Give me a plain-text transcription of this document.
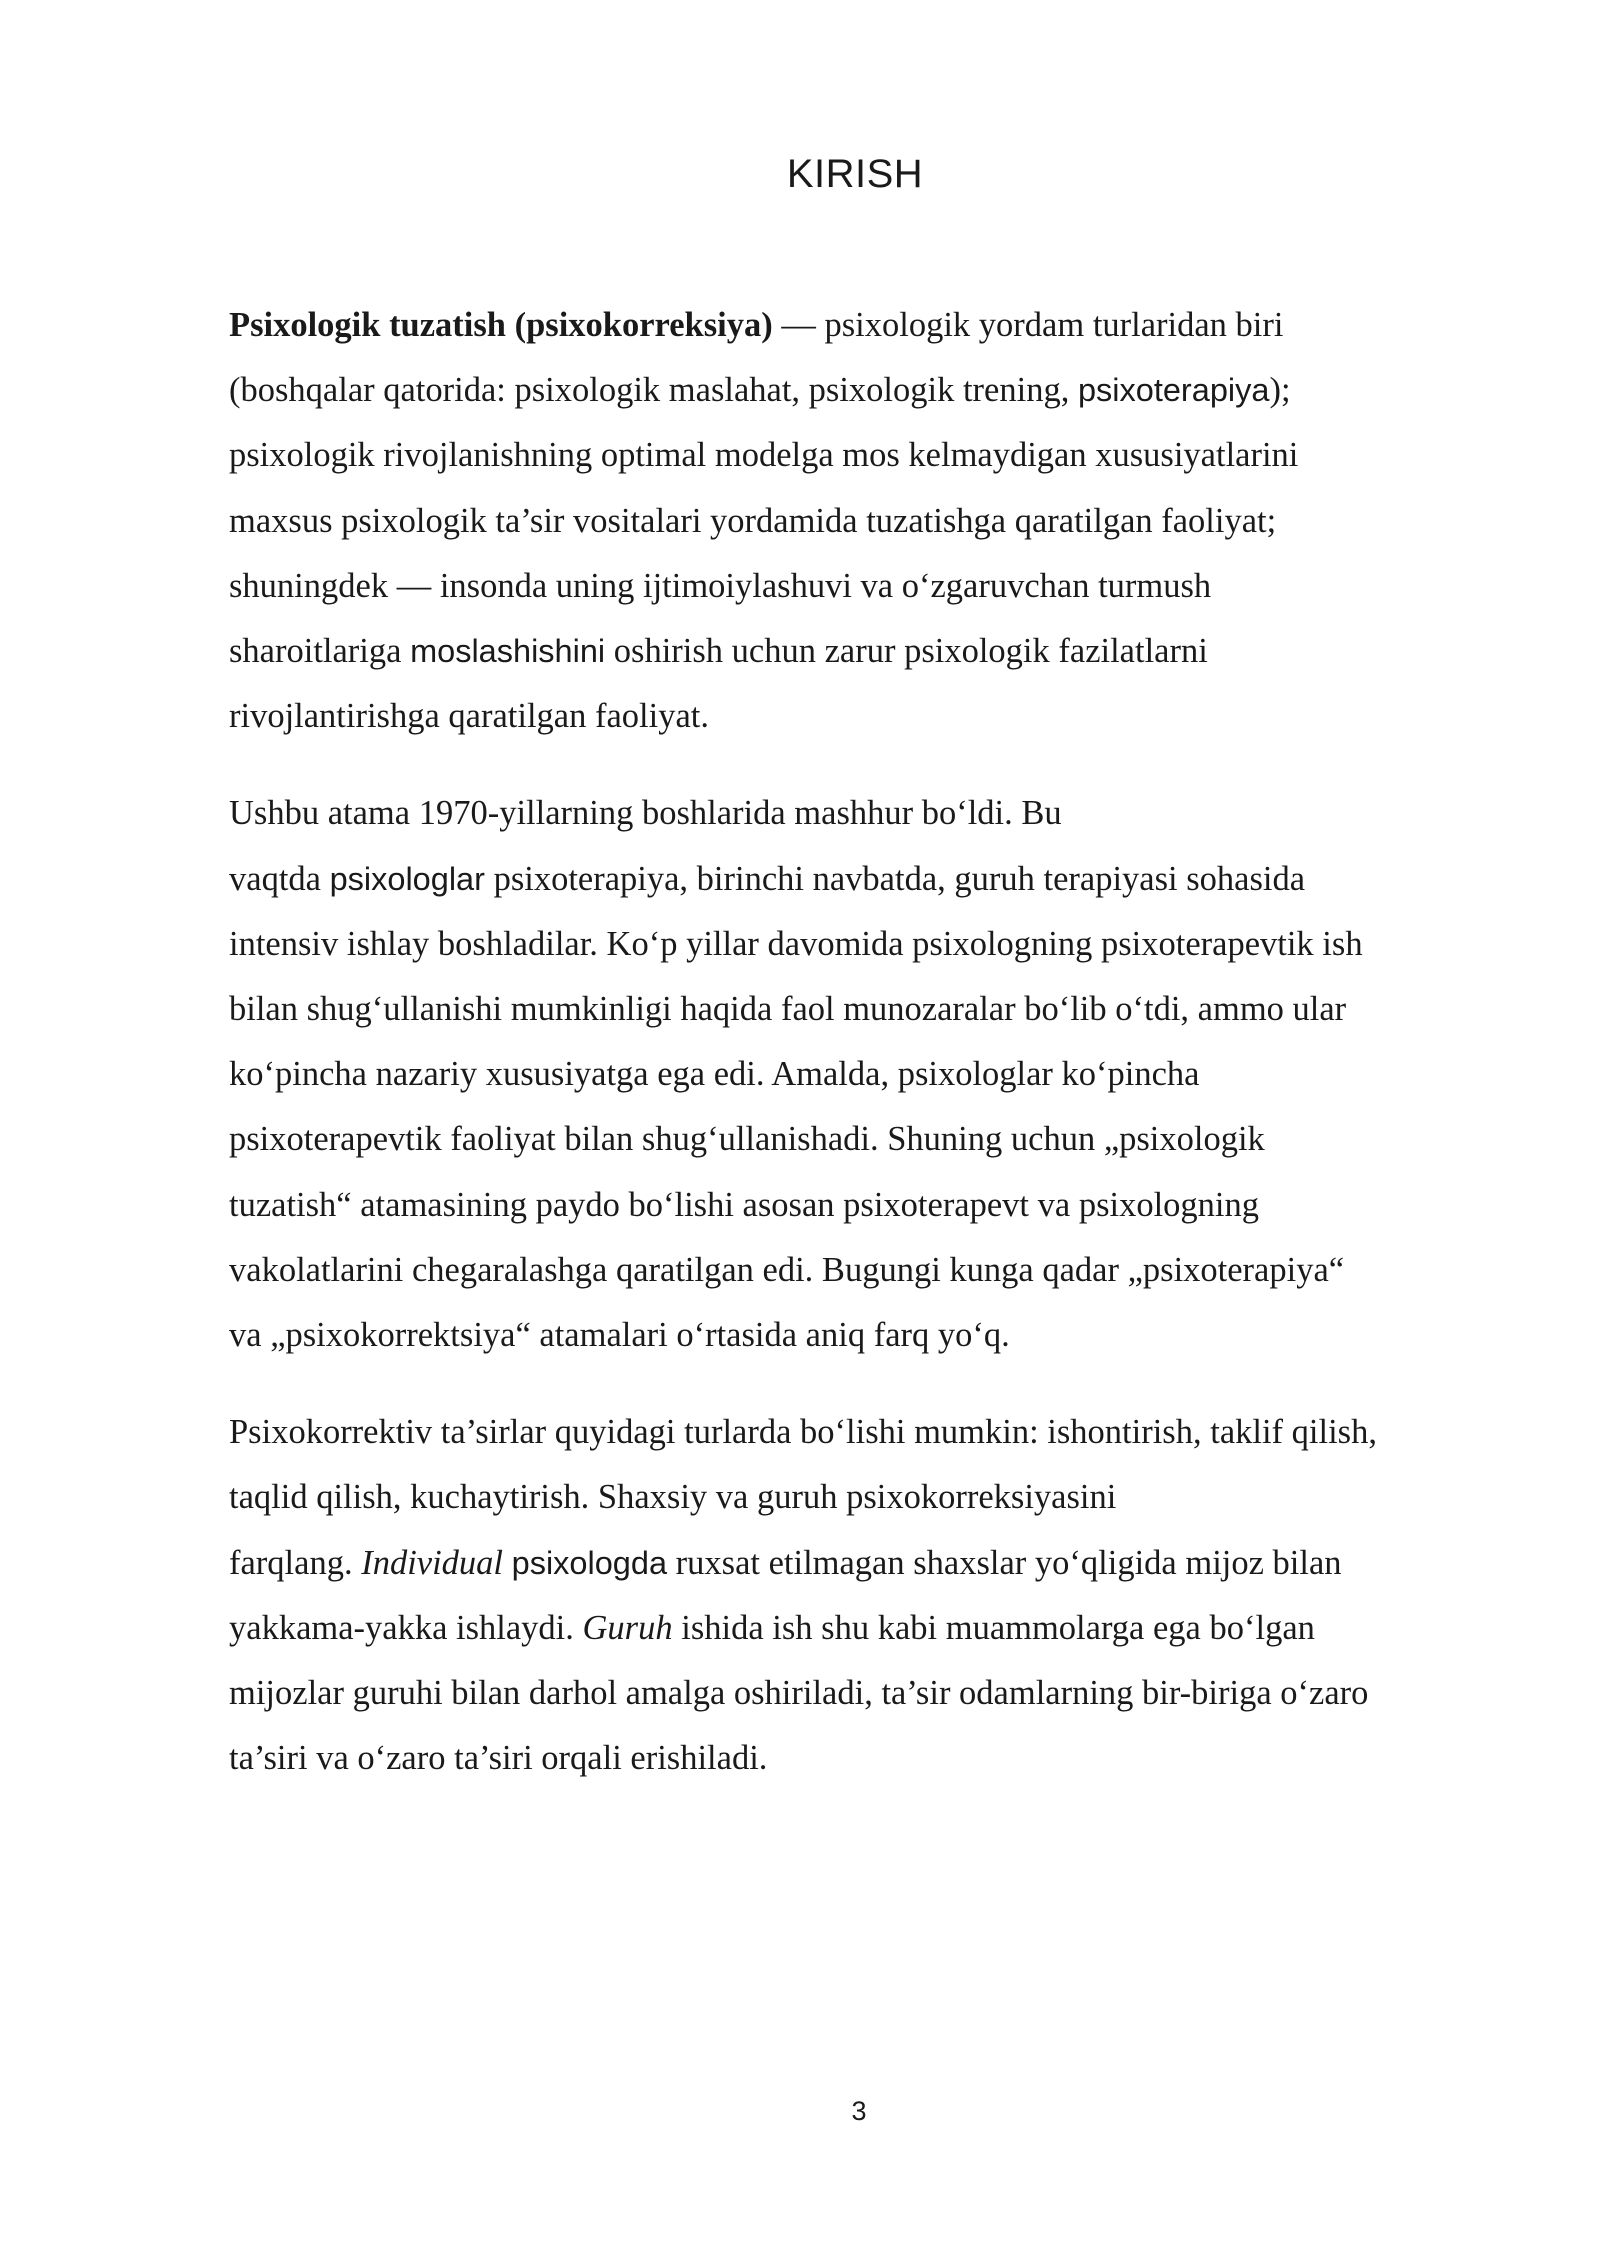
KIRISH

Psixologik tuzatish (psixokorreksiya) — psixologik yordam turlaridan biri
(boshqalar qatorida: psixologik maslahat, psixologik trening, psixoterapiya);
psixologik rivojlanishning optimal modelga mos kelmaydigan xususiyatlarini
maxsus psixologik ta’sir vositalari yordamida tuzatishga qaratilgan faoliyat;
shuningdek — insonda uning ijtimoiylashuvi va o‘zgaruvchan turmush
sharoitlariga moslashishini oshirish uchun zarur psixologik fazilatlarni
rivojlantirishga qaratilgan faoliyat.

Ushbu atama 1970-yillarning boshlarida mashhur bo‘ldi. Bu
vaqtda psixologlar psixoterapiya, birinchi navbatda, guruh terapiyasi sohasida
intensiv ishlay boshladilar. Ko‘p yillar davomida psixologning psixoterapevtik ish
bilan shug‘ullanishi mumkinligi haqida faol munozaralar bo‘lib o‘tdi, ammo ular
ko‘pincha nazariy xususiyatga ega edi. Amalda, psixologlar ko‘pincha
psixoterapevtik faoliyat bilan shug‘ullanishadi. Shuning uchun „psixologik
tuzatish“ atamasining paydo bo‘lishi asosan psixoterapevt va psixologning
vakolatlarini chegaralashga qaratilgan edi. Bugungi kunga qadar „psixoterapiya“
va „psixokorrektsiya“ atamalari o‘rtasida aniq farq yo‘q.

Psixokorrektiv ta’sirlar quyidagi turlarda bo‘lishi mumkin: ishontirish, taklif qilish,
taqlid qilish, kuchaytirish. Shaxsiy va guruh psixokorreksiyasini
farqlang. Individual psixologda ruxsat etilmagan shaxslar yo‘qligida mijoz bilan
yakkama-yakka ishlaydi. Guruh ishida ish shu kabi muammolarga ega bo‘lgan
mijozlar guruhi bilan darhol amalga oshiriladi, ta’sir odamlarning bir-biriga o‘zaro
ta’siri va o‘zaro ta’siri orqali erishiladi.

3
